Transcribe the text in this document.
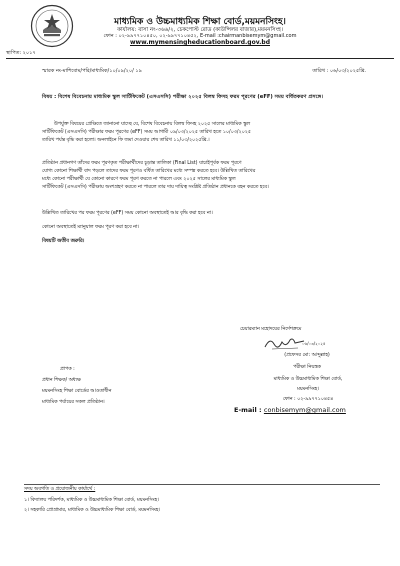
মাধ্যমিক ও উচ্চমাধ্যমিক শিক্ষা বোর্ড,ময়মনসিংহ।
কার্যালয়: বাসা নং-৩৬৬/২, চেকপোস্ট রোড (কাউন্সিলর বাজার),ময়মনসিংহ।
ফোন : ০২-৯৯৭৭১০৪৫০, ০২-৯৯৭৭১০৪৫২, E-mail :chairmanbisemym@gmail.com
www.mymensingheducationboard.gov.bd
স্থাপিত: ২০১৭
স্মারক নং-মাশিবোম/পরি/মাধ্যমিক/১০/০৯/২০/ ১৯	তারিখ : ০৬/০৩/২০২৫খ্রি.
বিষয় : বিশেষ বিবেচনায় মাধ্যমিক স্কুল সার্টিফিকেট (এসএসসি) পরীক্ষা ২০২৫ বিলম্ব ফিসহ ফরম পূরণের (eFF) সময় বর্ধিতকরণ প্রসঙ্গে।
উপর্যুক্ত বিষয়ের প্রেক্ষিতে জানানো যাচ্ছে যে, বিশেষ বিবেচনায় বিলম্ব ফিসহ ২০২৫ সালের মাধ্যমিক স্কুল
সার্টিফিকেট (এসএসসি) পরীক্ষার ফরম পূরণের (eFF) সময় আগামী ০৯/০৩/২০২৫ তারিখ হতে ১০/০৩/২০২৫
তারিখ পর্যন্ত বৃদ্ধি করা হলো। অনলাইনে ফি জমা দেওয়ার শেষ তারিখ ১১/০৩/২০২৫খ্রি.।
প্রতিষ্ঠান প্রধানগণ তাঁদের ফরম পূরণকৃত পরীক্ষার্থীদের চূড়ান্ত তালিকা (Final List) যাচাইপূর্বক ফরম পূরণে
যোগ্য কোনো শিক্ষার্থী বাদ পড়লে তাদের ফরম পূরণও বর্ধিত তারিখের মধ্যে সম্পন্ন করতে হবে। উল্লিখিত তারিখের
মধ্যে কোনো পরীক্ষার্থী যে কোনো কারণে ফরম পূরণ করতে না পারলে এবং ২০২৫ সালের মাধ্যমিক স্কুল
সার্টিফিকেট (এসএসসি) পরীক্ষায় অংশগ্রহণ করতে না পারলে তার দায় দায়িত্ব সংশ্লিষ্ট প্রতিষ্ঠান প্রধানকে বহন করতে হবে।
উল্লিখিত তারিখের পর ফরম পূরণের (eFF) সময় কোনো অবস্থাতেই আর বৃদ্ধি করা হবে না।
কোনো অবস্থাতেই ম্যানুয়াল ফরম পূরণ করা হবে না।
বিষয়টি অতীব জরুরি।
চেয়ারম্যান মহোদয়ের নির্দেশক্রমে
০৬/০৩/২০২৫
(প্রফেসর মো: আব্দুল্লাহ)
পরীক্ষা নিয়ন্ত্রক
মাধ্যমিক ও উচ্চমাধ্যমিক শিক্ষা বোর্ড,
ময়মনসিংহ।
ফোন : ০২-৯৯৭৭১০৪৫৪
E-mail : conbisemym@gmail.com
প্রাপক :
প্রধান শিক্ষক/ অধ্যক্ষ
ময়মনসিংহ শিক্ষা বোর্ডের আওতাধীন
মাধ্যমিক পর্যায়ের সকল প্রতিষ্ঠান।
সদয় অবগতি ও প্রয়োজনীয় কার্যার্থে :
১। বিদ্যালয় পরিদর্শক, মাধ্যমিক ও উচ্চমাধ্যমিক শিক্ষা বোর্ড, ময়মনসিংহ।
২। সহকারি প্রোগ্রামার, মাধ্যমিক ও উচ্চমাধ্যমিক শিক্ষা বোর্ড, ময়মনসিংহ।
